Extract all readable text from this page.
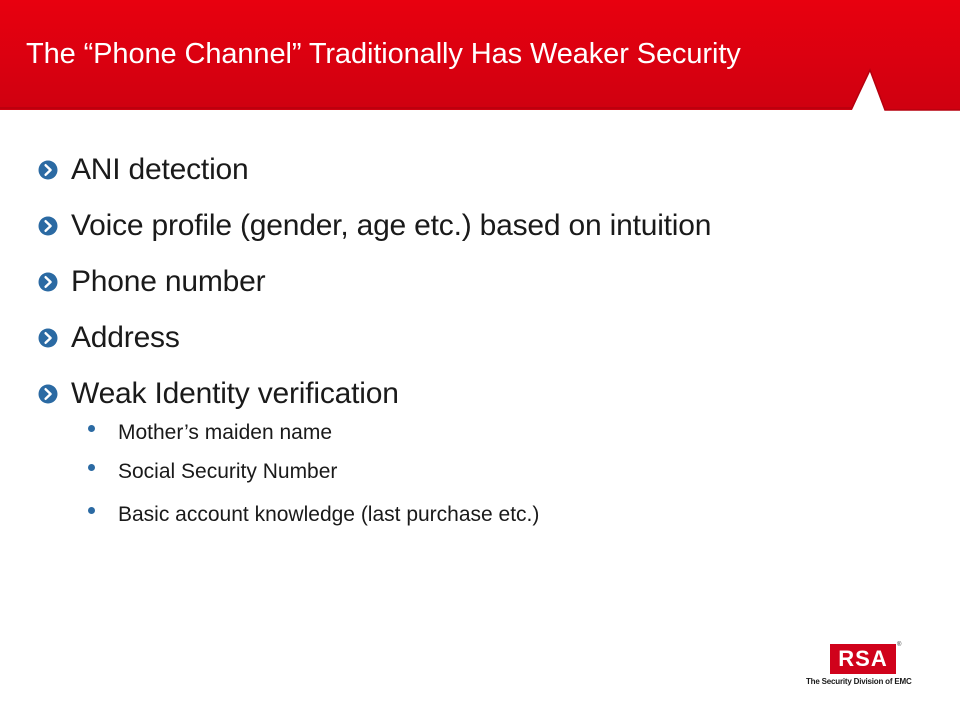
The “Phone Channel” Traditionally Has Weaker Security
ANI detection
Voice profile (gender, age etc.) based on intuition
Phone number
Address
Weak Identity verification
Mother’s maiden name
Social Security Number
Basic account knowledge (last purchase etc.)
RSA
®
The Security Division of EMC
